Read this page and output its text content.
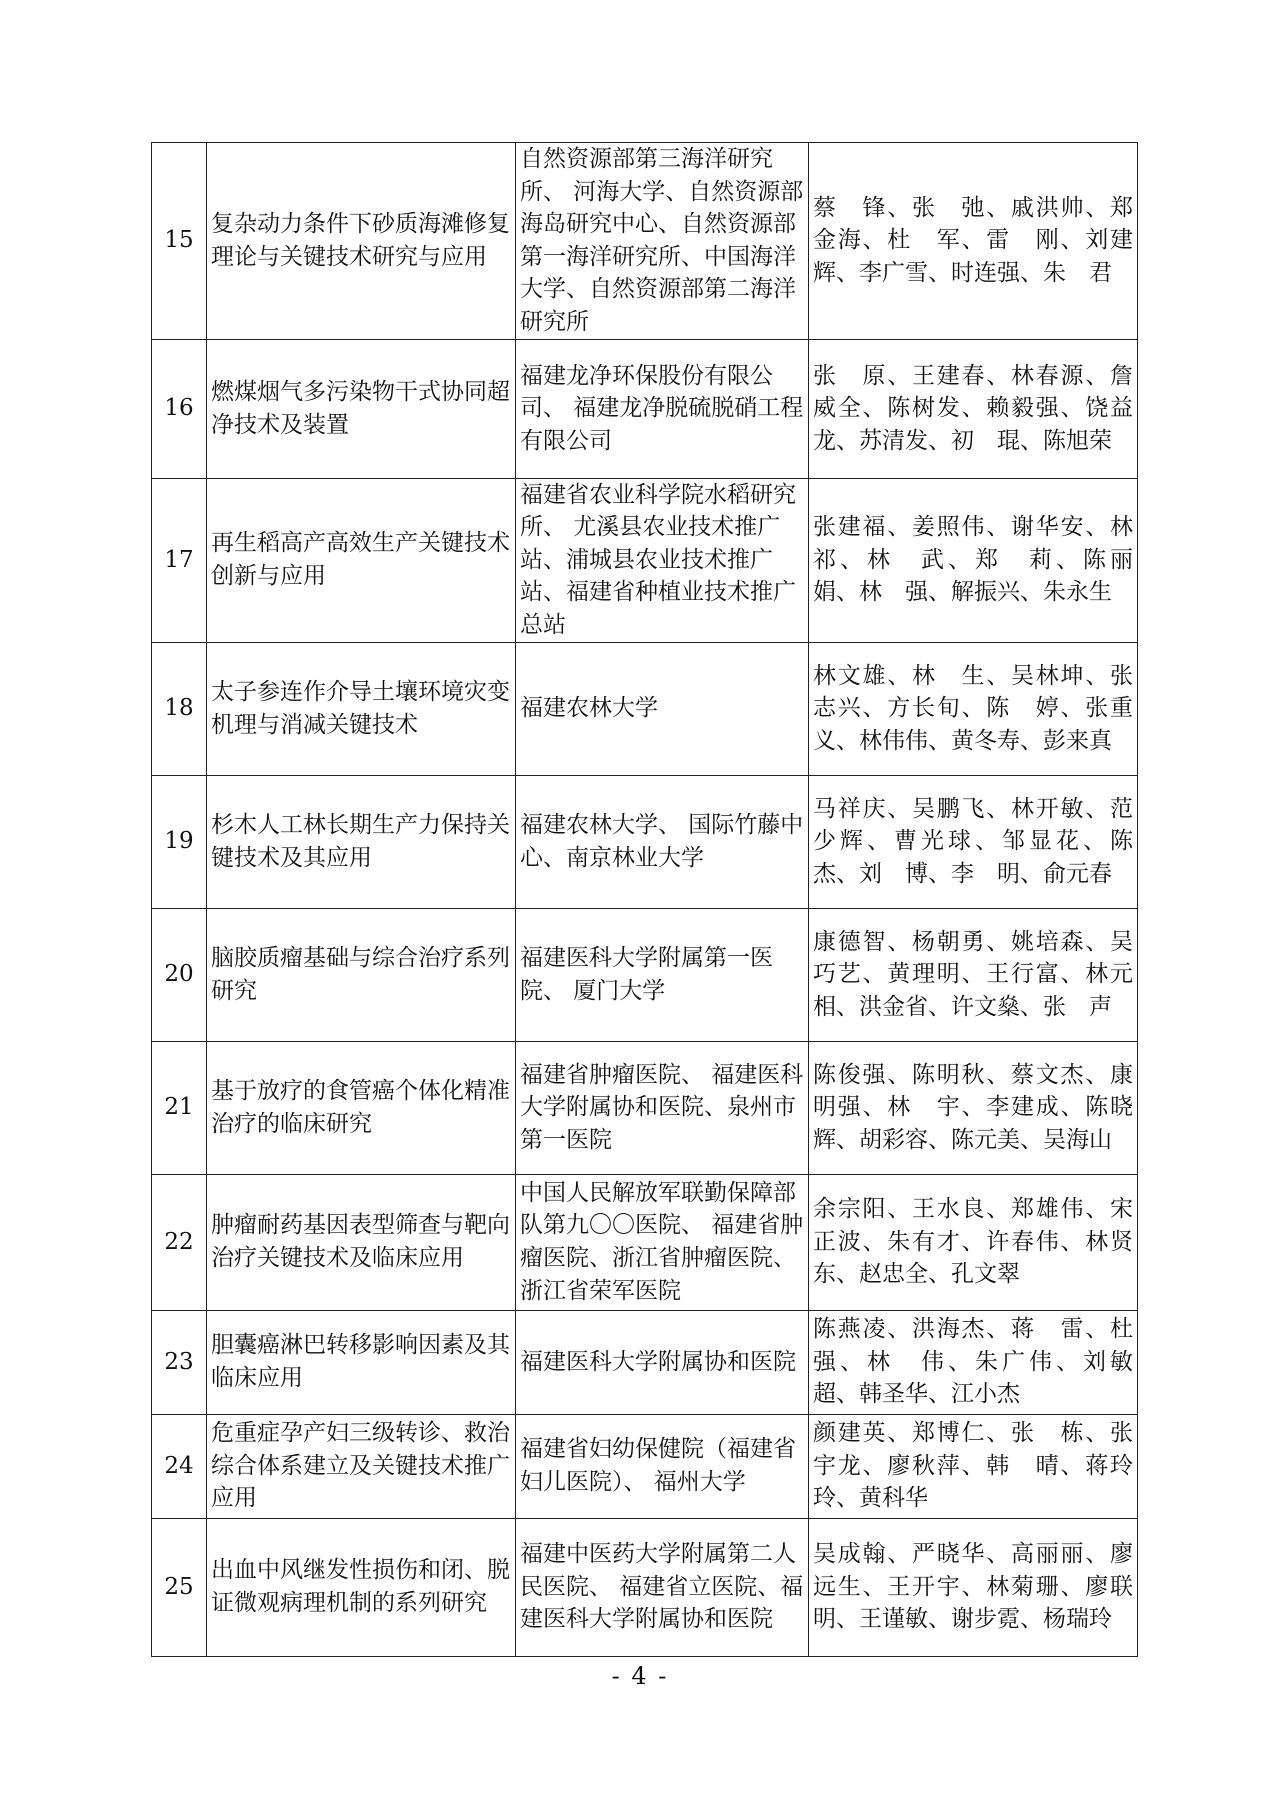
15	复杂动力条件下砂质海滩修复理论与关键技术研究与应用	自然资源部第三海洋研究所、 河海大学、自然资源部海岛研究中心、自然资源部第一海洋研究所、中国海洋大学、自然资源部第二海洋研究所	蔡　锋、张　弛、戚洪帅、郑金海、杜　军、雷　刚、刘建辉、李广雪、时连强、朱　君
16	燃煤烟气多污染物干式协同超净技术及装置	福建龙净环保股份有限公司、 福建龙净脱硫脱硝工程有限公司	张　原、王建春、林春源、詹威全、陈树发、赖毅强、饶益龙、苏清发、初　琨、陈旭荣
17	再生稻高产高效生产关键技术创新与应用	福建省农业科学院水稻研究所、 尤溪县农业技术推广站、浦城县农业技术推广站、福建省种植业技术推广总站	张建福、姜照伟、谢华安、林　祁、林　武、郑　莉、陈丽娟、林　强、解振兴、朱永生
18	太子参连作介导土壤环境灾变机理与消减关键技术	福建农林大学	林文雄、林　生、吴林坤、张志兴、方长旬、陈　婷、张重义、林伟伟、黄冬寿、彭来真
19	杉木人工林长期生产力保持关键技术及其应用	福建农林大学、 国际竹藤中心、南京林业大学	马祥庆、吴鹏飞、林开敏、范少辉、曹光球、邹显花、陈　杰、刘　博、李　明、俞元春
20	脑胶质瘤基础与综合治疗系列研究	福建医科大学附属第一医院、 厦门大学	康德智、杨朝勇、姚培森、吴巧艺、黄理明、王行富、林元相、洪金省、许文燊、张　声
21	基于放疗的食管癌个体化精准治疗的临床研究	福建省肿瘤医院、 福建医科大学附属协和医院、泉州市第一医院	陈俊强、陈明秋、蔡文杰、康明强、林　宇、李建成、陈晓辉、胡彩容、陈元美、吴海山
22	肿瘤耐药基因表型筛查与靶向治疗关键技术及临床应用	中国人民解放军联勤保障部队第九〇〇医院、 福建省肿瘤医院、浙江省肿瘤医院、浙江省荣军医院	余宗阳、王水良、郑雄伟、宋正波、朱有才、许春伟、林贤东、赵忠全、孔文翠
23	胆囊癌淋巴转移影响因素及其临床应用	福建医科大学附属协和医院	陈燕凌、洪海杰、蒋　雷、杜　强、林　伟、朱广伟、刘敏超、韩圣华、江小杰
24	危重症孕产妇三级转诊、救治综合体系建立及关键技术推广应用	福建省妇幼保健院（福建省妇儿医院）、 福州大学	颜建英、郑博仁、张　栋、张宇龙、廖秋萍、韩　晴、蒋玲玲、黄科华
25	出血中风继发性损伤和闭、脱证微观病理机制的系列研究	福建中医药大学附属第二人民医院、 福建省立医院、福建医科大学附属协和医院	吴成翰、严晓华、高丽丽、廖远生、王开宇、林菊珊、廖联明、王谨敏、谢步霓、杨瑞玲
- 4 -
